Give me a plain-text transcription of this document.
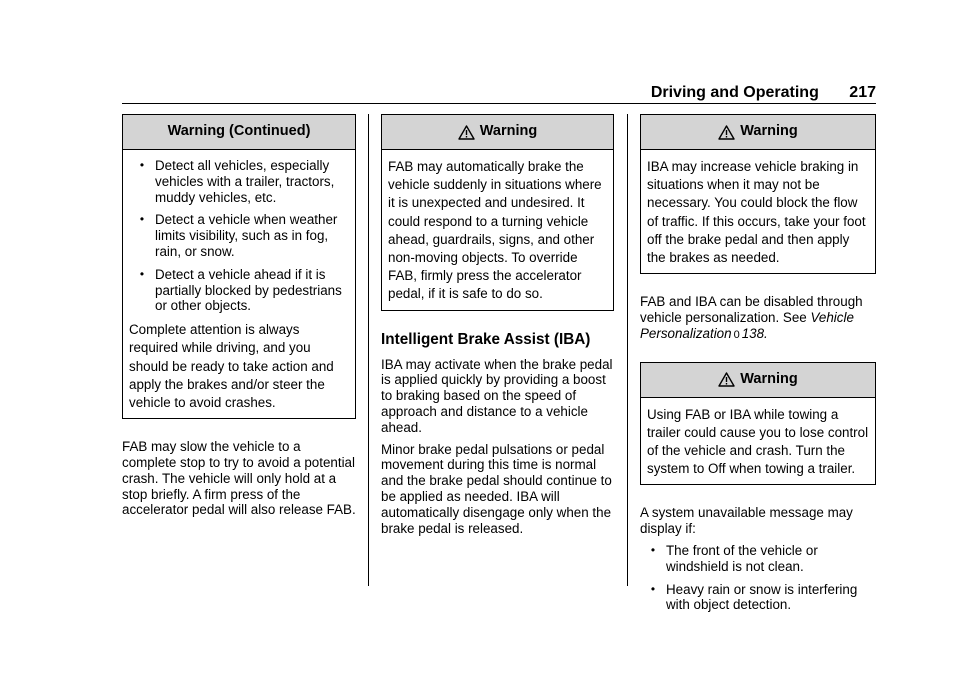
Driving and Operating 217
Warning (Continued)
• Detect all vehicles, especially vehicles with a trailer, tractors, muddy vehicles, etc.
• Detect a vehicle when weather limits visibility, such as in fog, rain, or snow.
• Detect a vehicle ahead if it is partially blocked by pedestrians or other objects.

Complete attention is always required while driving, and you should be ready to take action and apply the brakes and/or steer the vehicle to avoid crashes.

FAB may slow the vehicle to a complete stop to try to avoid a potential crash. The vehicle will only hold at a stop briefly. A firm press of the accelerator pedal will also release FAB.

Warning

FAB may automatically brake the vehicle suddenly in situations where it is unexpected and undesired. It could respond to a turning vehicle ahead, guardrails, signs, and other non-moving objects. To override FAB, firmly press the accelerator pedal, if it is safe to do so.

Intelligent Brake Assist (IBA)

IBA may activate when the brake pedal is applied quickly by providing a boost to braking based on the speed of approach and distance to a vehicle ahead.

Minor brake pedal pulsations or pedal movement during this time is normal and the brake pedal should continue to be applied as needed. IBA will automatically disengage only when the brake pedal is released.

Warning

IBA may increase vehicle braking in situations when it may not be necessary. You could block the flow of traffic. If this occurs, take your foot off the brake pedal and then apply the brakes as needed.

FAB and IBA can be disabled through vehicle personalization. See Vehicle Personalization 0 138.

Warning

Using FAB or IBA while towing a trailer could cause you to lose control of the vehicle and crash. Turn the system to Off when towing a trailer.

A system unavailable message may display if:

• The front of the vehicle or windshield is not clean.
• Heavy rain or snow is interfering with object detection.
